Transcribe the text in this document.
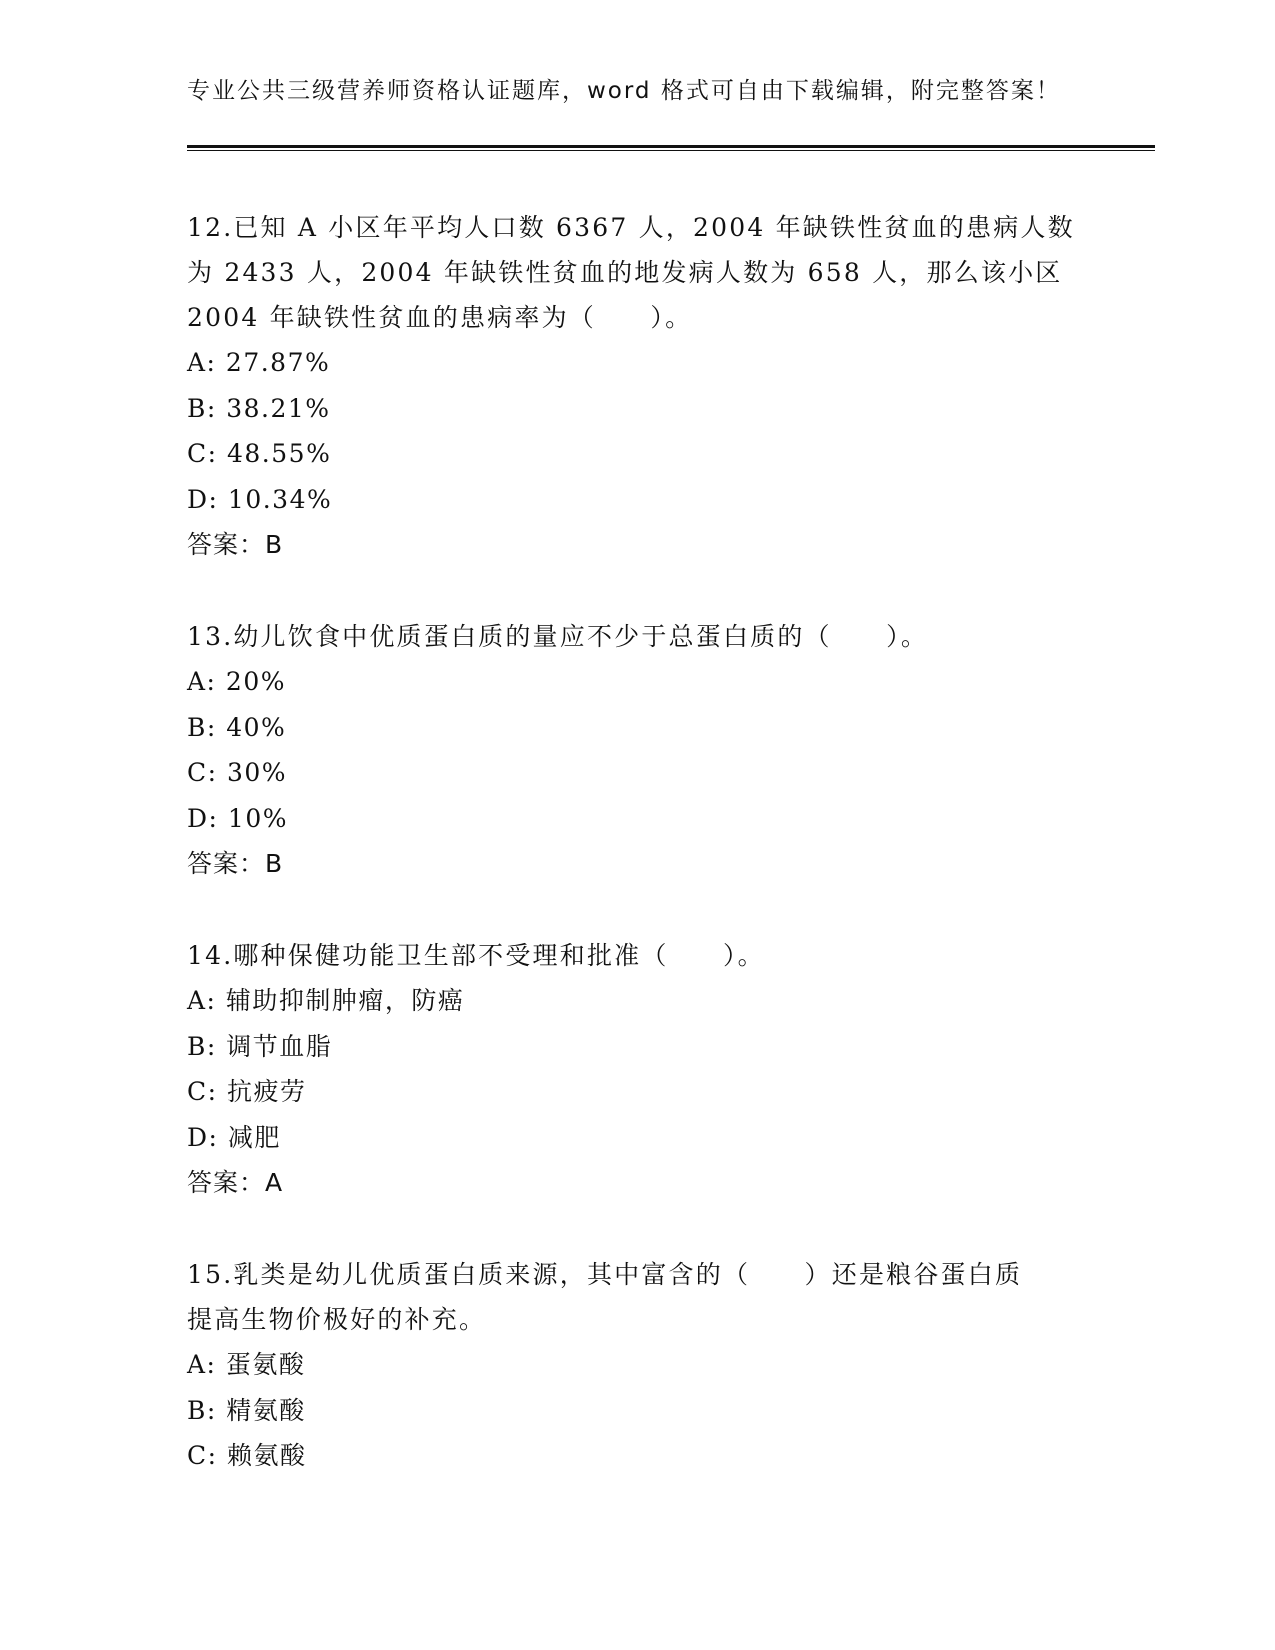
专业公共三级营养师资格认证题库，word 格式可自由下载编辑，附完整答案！
12.已知 A 小区年平均人口数 6367 人，2004 年缺铁性贫血的患病人数
为 2433 人，2004 年缺铁性贫血的地发病人数为 658 人，那么该小区
2004 年缺铁性贫血的患病率为（　　）。
A: 27.87%
B: 38.21%
C: 48.55%
D: 10.34%
答案：B
13.幼儿饮食中优质蛋白质的量应不少于总蛋白质的（　　）。
A: 20%
B: 40%
C: 30%
D: 10%
答案：B
14.哪种保健功能卫生部不受理和批准（　　）。
A: 辅助抑制肿瘤，防癌
B: 调节血脂
C: 抗疲劳
D: 减肥
答案：A
15.乳类是幼儿优质蛋白质来源，其中富含的（　　）还是粮谷蛋白质
提高生物价极好的补充。
A: 蛋氨酸
B: 精氨酸
C: 赖氨酸
